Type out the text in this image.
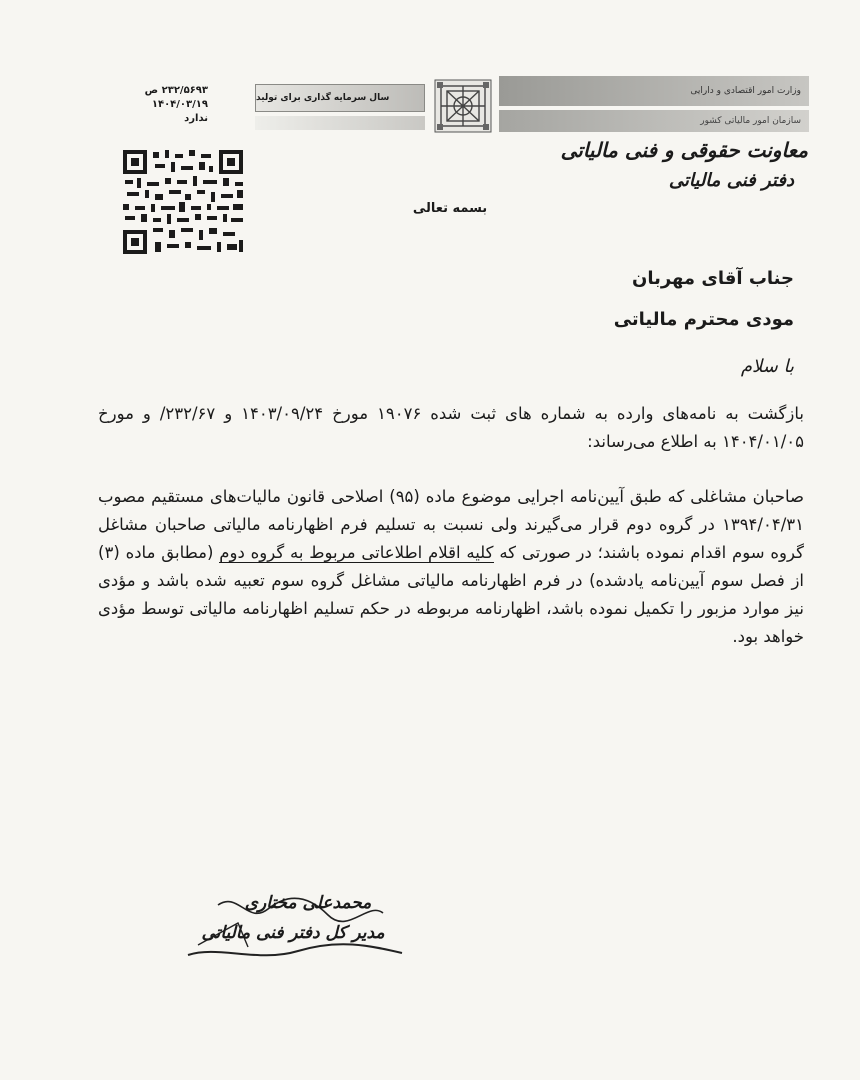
سال سرمایه گذاری برای تولید
وزارت امور اقتصادی و دارایی
سازمان امور مالیاتی کشور
۲۳۲/۵۶۹۳ ص
۱۴۰۴/۰۳/۱۹
ندارد
معاونت حقوقی و فنی مالیاتی
دفتر فنی مالیاتی
بسمه تعالی
جناب آقای مهربان
مودی محترم مالیاتی
با سلام

بازگشت به نامه‌های وارده به شماره های ثبت شده ۱۹۰۷۶ مورخ ۱۴۰۳/۰۹/۲۴ و ۲۳۲/۶۷/ و مورخ ۱۴۰۴/۰۱/۰۵ به اطلاع می‌رساند:

صاحبان مشاغلی که طبق آیین‌نامه اجرایی موضوع ماده (۹۵) اصلاحی قانون مالیات‌های مستقیم مصوب ۱۳۹۴/۰۴/۳۱ در گروه دوم قرار می‌گیرند ولی نسبت به تسلیم فرم اظهارنامه مالیاتی صاحبان مشاغل گروه سوم اقدام نموده باشند؛ در صورتی که کلیه اقلام اطلاعاتی مربوط به گروه دوم (مطابق ماده (۳) از فصل سوم آیین‌نامه یادشده) در فرم اظهارنامه مالیاتی مشاغل گروه سوم تعبیه شده باشد و مؤدی نیز موارد مزبور را تکمیل نموده باشد، اظهارنامه مربوطه در حکم تسلیم اظهارنامه مالیاتی توسط مؤدی خواهد بود.

محمدعلی مختاری
مدیر کل دفتر فنی مالیاتی
